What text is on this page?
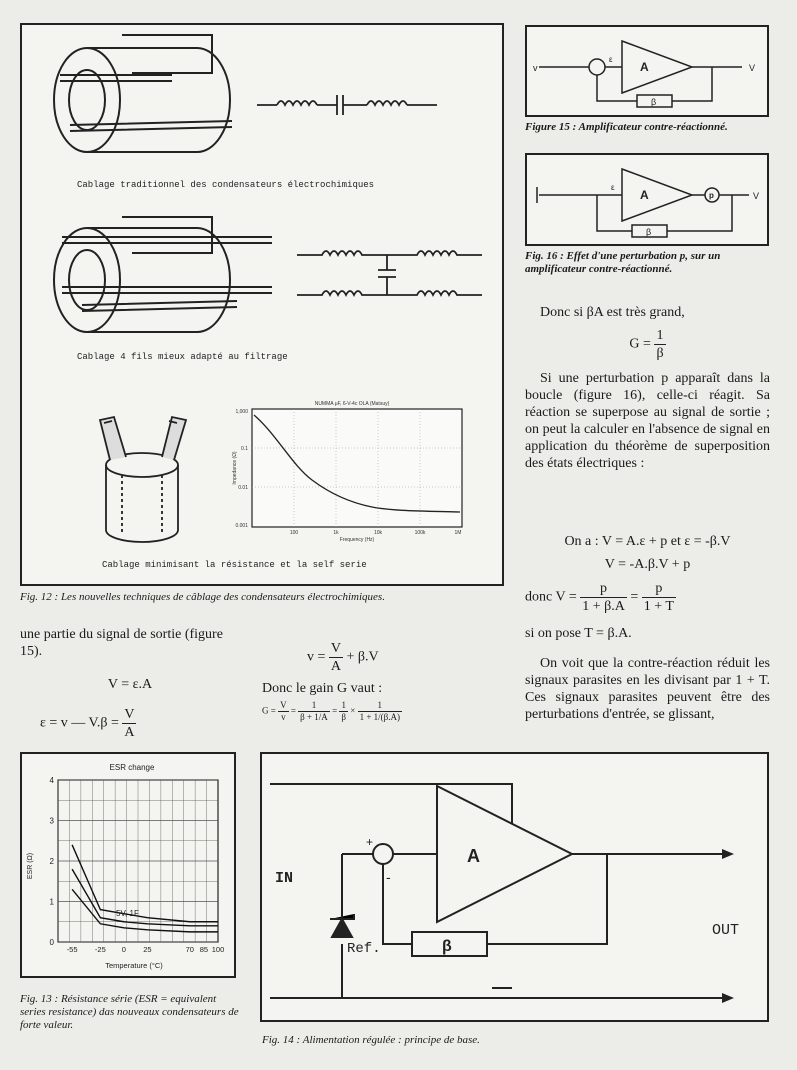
Cablage traditionnel des condensateurs électrochimiques
Cablage 4 fils mieux adapté au filtrage
NUMMA μF, 6-V-4c OLA (Matsuy)
1,000
0.1
0.01
0.001
100	1k	10k	100k	1M
Frequency (Hz)
Impedance (Ω)
Cablage minimisant la résistance et la self serie
Fig. 12 : Les nouvelles techniques de câblage des condensateurs électrochimiques.
v	V
ε
A
β
Figure 15 : Amplificateur contre-réactionné.
V
ε
A	p
β
Fig. 16 : Effet d'une perturbation p, sur un amplificateur contre-réactionné.
Donc si βA est très grand,
$G = \frac{1}{\beta}$
Si une perturbation p apparaît dans la boucle (figure 16), celle-ci réagit. Sa réaction se superpose au signal de sortie ; on peut la calculer en l'absence de signal en application du théorème de superposition des états électriques :
On a : V = A.ε + p et ε = -β.V
V = -A.β.V + p
donc $V = \frac{p}{1 + \beta.A} = \frac{p}{1 + T}$
si on pose T = β.A.
On voit que la contre-réaction réduit les signaux parasites en les divisant par 1 + T. Ces signaux parasites peuvent être des perturbations d'entrée, se glissant,
une partie du signal de sortie (figure 15).
V = ε.A
ε = v — $V.\beta = \frac{V}{A}$
$v = \frac{V}{A} + \beta.V$
Donc le gain G vaut :
$G = \frac{V}{v} = \frac{1}{\beta + 1/A} = \frac{1}{\beta} \times \frac{1}{1 + 1/(\beta.A)}$
ESR change
0
1
2
3
4
-55 -25 0 25	70 85 100
5V, 1F
Temperature (°C)
ESR (Ω)
Fig. 13 : Résistance série (ESR = equivalent series resistance) das nouveaux condensateurs de forte valeur.
IN
OUT
Ref.
A
β
+
-
Fig. 14 : Alimentation régulée : principe de base.
